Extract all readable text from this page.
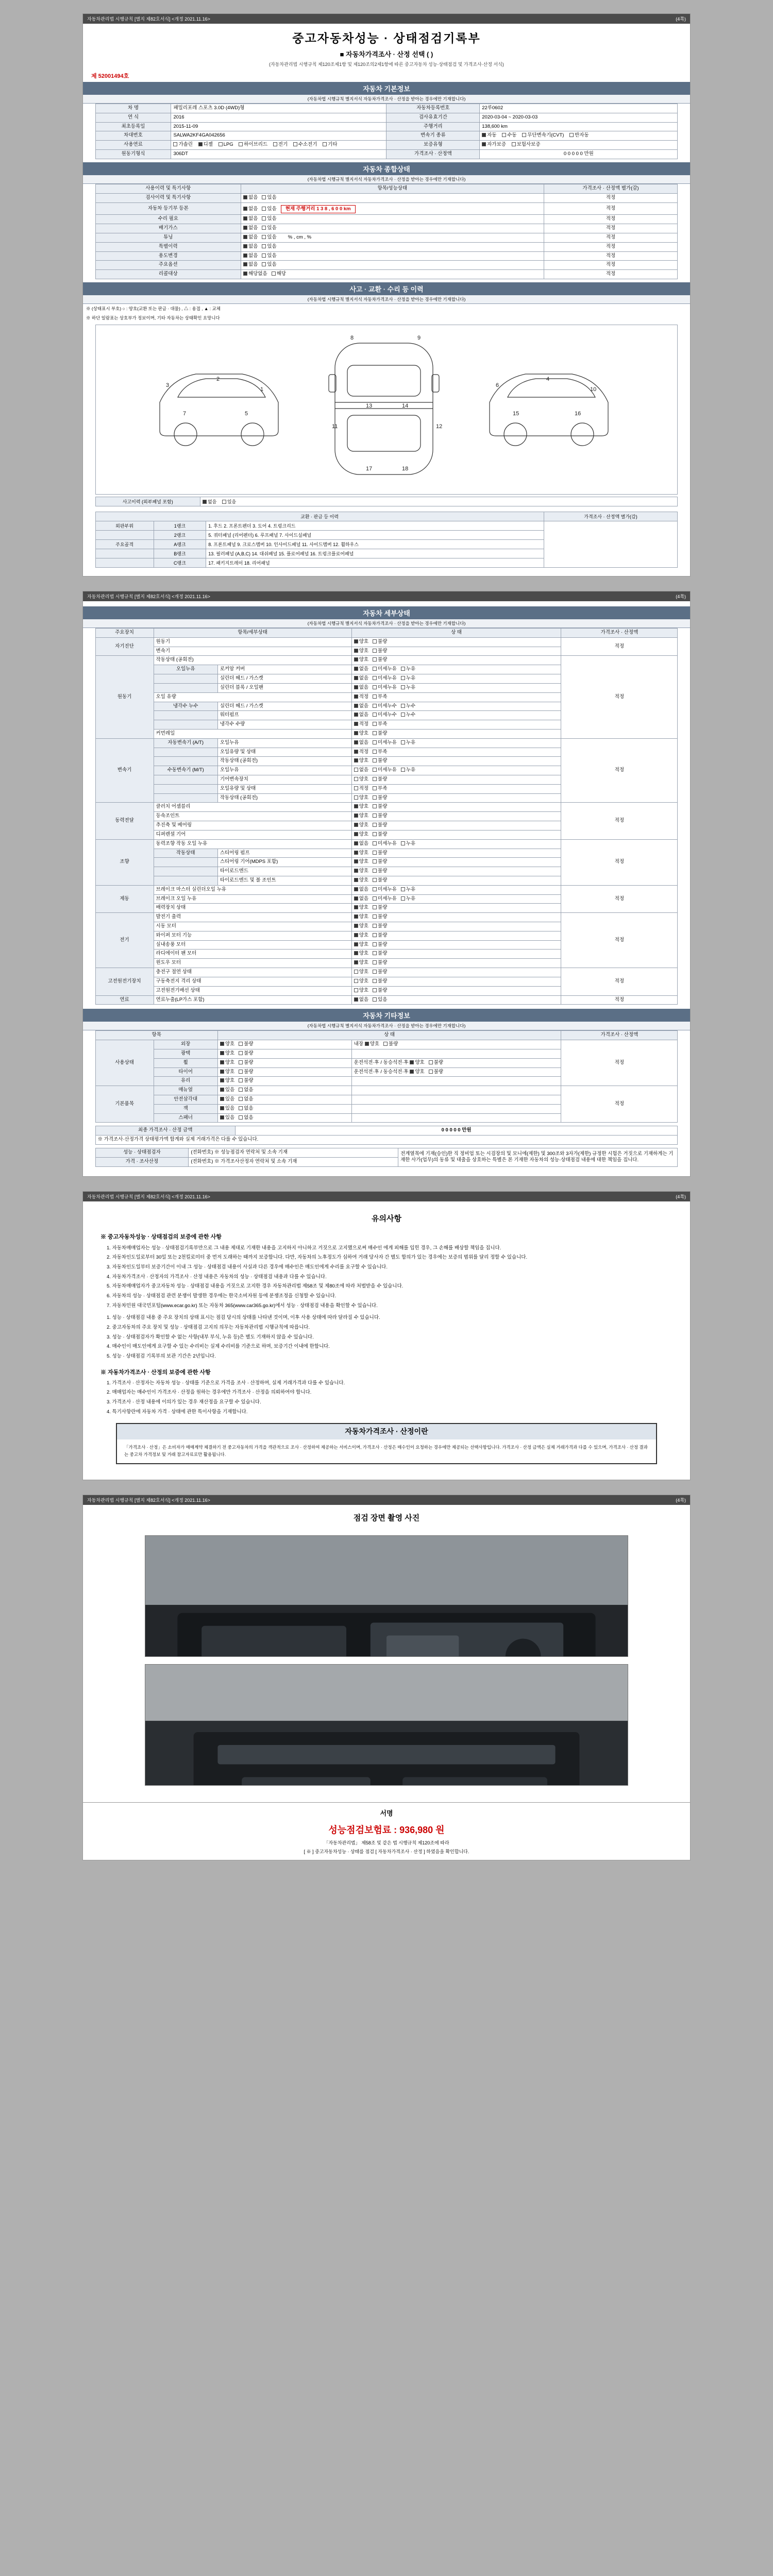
자동차관리법 시행규칙 [별지 제82호서식] <개정 2021.11.16>	(4쪽)
중고자동차성능 · 상태점검기록부
■ 자동차가격조사 · 산정 선택 ( )
(자동차관리법 시행규칙 제120조제1항 및 제120조의2제1항에 따른 중고자동차 성능·상태점검 및 가격조사·산정 서식)
제 52001494호
자동차 기본정보
(자동차법 시행규칙 별지서식 자동차가격조사 · 산정을 받아는 경우에만 기재합니다)
차 명	패밀리포레 스포츠 3.0D (4WD)형	자동차등록번호	22루0602
연 식	2016	검사유효기간	2020-03-04 ~ 2020-03-03
최초등록일	2015-11-09	주행거리	138,600 km
차대번호	SALWA2KF4GA042656	변속기 종류	자동 수동 무단변속기(CVT) 반자동
사용연료	가솔린 디젤 LPG 하이브리드 전기 수소전기 기타	보증유형	자가보증 보험사보증
원동기형식	306DT	가격조사 · 산정액	0 0 0 0 0 만원
자동차 종합상태
(자동차법 시행규칙 별지서식 자동차가격조사 · 산정을 받아는 경우에만 기재합니다)
사용이력 및 특기사항	항목/성능상태	가격조사 · 산정액 별가(감)
검사이력 및 특기사항	없음 있음	적정
자동차 등기부 등본	없음 있음 현재 주행거리 1 3 8 , 6 0 0 km	적정
수리 필요	없음 있음	적정
배기가스	없음 있음	적정
튜닝	없음 있음 % , cm , %	적정
특별이력	없음 있음	적정
용도변경	없음 있음	적정
주요옵션	없음 있음	적정
리콜대상	해당없음 해당	적정
사고 · 교환 · 수리 등 이력
(자동차법 시행규칙 별지서식 자동차가격조사 · 산정을 받아는 경우에만 기재합니다)
※ (상태표시 부호) ○ : 양호(교환 또는 판금 · 대물) , △ : 용접 , ▲ : 교체
※ 하단 일람표는 상호부가 정보이며, 기타 자동차는 상태확인 요망니다
3
2
1
7	5
8	9
11	12
13	14
17	18
6
4
10
15	16
사고이력 (외부패널 포함)	없음 있음
교환 · 판금 등 이력			가격조사 · 산정액 별가(감)
외판부위	1랭크	1. 후드 2. 프론트펜더 3. 도어 4. 트렁크리드	
	2랭크	5. 쿼터패널 (리어펜더) 6. 루프패널 7. 사이드실패널	
주요골격	A랭크	8. 프론트패널 9. 크로스멤버 10. 인사이드패널 11. 사이드멤버 12. 휠하우스	
	B랭크	13. 필러패널 (A,B,C) 14. 대쉬패널 15. 플로어패널 16. 트렁크플로어패널	
	C랭크	17. 패키지트레이 18. 리어패널	
자동차관리법 시행규칙 [별지 제82호서식] <개정 2021.11.16>	(4쪽)
자동차 세부상태
(자동차법 시행규칙 별지서식 자동차가격조사 · 산정을 받아는 경우에만 기재합니다)
주요장치	항목/세부상태		상 태	가격조사 · 산정액
자기진단	원동기		양호 불량	적정
	변속기		양호 불량	
원동기	작동상태 (공회전)		양호 불량	적정
	오일누유	로커암 커버	없음 미세누유 누유	
		실린더 헤드 / 가스켓	없음 미세누유 누유	
		실린더 블록 / 오일팬	없음 미세누유 누유	
	오일 유량		적정 부족	
	냉각수 누수	실린더 헤드 / 가스켓	없음 미세누수 누수	
		워터펌프	없음 미세누수 누수	
		냉각수 수량	적정 부족	
	커먼레일		양호 불량	
변속기	자동변속기 (A/T)	오일누유	없음 미세누유 누유	적정
		오일유량 및 상태	적정 부족	
		작동상태 (공회전)	양호 불량	
	수동변속기 (M/T)	오일누유	없음 미세누유 누유	
		기어변속장치	양호 불량	
		오일유량 및 상태	적정 부족	
		작동상태 (공회전)	양호 불량	
동력전달	클러치 어셈블리		양호 불량	적정
	등속조인트		양호 불량	
	추진축 및 베어링		양호 불량	
	디퍼렌셜 기어		양호 불량	
조향	동력조향 작동 오일 누유		없음 미세누유 누유	적정
	작동상태	스티어링 펌프	양호 불량	
		스티어링 기어(MDPS 포함)	양호 불량	
		타이로드엔드	양호 불량	
		타이로드엔드 및 볼 조인트	양호 불량	
제동	브레이크 마스터 실린더오일 누유		없음 미세누유 누유	적정
	브레이크 오일 누유		없음 미세누유 누유	
	배력장치 상태		양호 불량	
전기	발전기 출력		양호 불량	적정
	시동 모터		양호 불량	
	와이퍼 모터 기능		양호 불량	
	실내송풍 모터		양호 불량	
	라디에이터 팬 모터		양호 불량	
	윈도우 모터		양호 불량	
고전원전기장치	충전구 절연 상태		양호 불량	적정
	구동축전지 격리 상태		양호 불량	
	고전원전기배선 상태		양호 불량	
연료	연료누출(LP가스 포함)		없음 있음	적정
자동차 기타정보
(자동차법 시행규칙 별지서식 자동차가격조사 · 산정을 받아는 경우에만 기재합니다)
항목		상 태		가격조사 · 산정액
사용상태	외장	양호 불량	내장 양호 불량	적정
	광택	양호 불량		
	휠	양호 불량	운전석전·후 / 동승석전·후 양호 불량	
	타이어	양호 불량	운전석전·후 / 동승석전·후 양호 불량	
	유리	양호 불량		
기본품목	매뉴얼	있음 없음		적정
	안전삼각대	있음 없음		
	잭	있음 없음		
	스패너	있음 없음		
최종 가격조사 · 산정 금액	0 0 0 0 0 만원
※ 가격조사·산정가격 상태평가액 합계와 실제 거래가격은 다를 수 있습니다.
성능 · 상태점검자	(전화번호) ※ 성능점검자 연락처 및 소속 기재	전계열목에 기재(승인)한 직 정비업 또는 시검장의 및 모니에(제한) 및 300조와 3자가(제한) 규정한 시험은 거짓으로 기재하게는 기재한 사가(업무)의 동류 및 대출을 상호하는 특별은 본 기재한 자동차의 성능·상태점검 내용에 대한 책임을 집니다.
가격 · 조사산정	(전화번호) ※ 가격조사산정자 연락처 및 소속 기재	
자동차관리법 시행규칙 [별지 제82호서식] <개정 2021.11.16>	(4쪽)
유의사항
※ 중고자동차성능 · 상태점검의 보증에 관한 사항

1. 자동차매매업자는 성능 · 상태점검기록부만으로 그 내용 제대로 기재한 내용을 고지하지 아니하고 거짓으로 고지했으로써 매수인 에게 피해를 입힌 경우, 그 손해를 배상할 책임을 집니다.

2. 자동차인도일로부터 30일 또는 2천킬로미터 중 먼저 도래하는 때까지 보증합니다. 다만, 자동차의 노후정도가 심하여 거래 당사자 간 별도 합의가 있는 경우에는 보증의 범위를 달리 정할 수 있습니다.

3. 자동차인도일부터 보증기간이 이내 그 성능 · 상태점검 내용이 사실과 다른 경우에 매수인은 매도인에게 수리를 요구할 수 있습니다.

4. 자동차가격조사 · 산정자의 가격조사 · 산정 내용은 자동차의 성능 · 상태점검 내용과 다를 수 있습니다.

5. 자동차매매업자가 중고자동차 성능 · 상태점검 내용을 거짓으로 고지한 경우 자동차관리법 제58조 및 제80조에 따라 처벌받을 수 있습니다.

6. 자동차의 성능 · 상태점검 관련 분쟁이 발생한 경우에는 한국소비자원 등에 분쟁조정을 신청할 수 있습니다.

7. 자동차민원 대국민포털(www.ecar.go.kr) 또는 자동차 365(www.car365.go.kr)에서 성능 · 상태점검 내용을 확인할 수 있습니다.

1. 성능 · 상태점검 내용 중 주요 장치의 상태 표시는 점검 당시의 상태를 나타낸 것이며, 이후 사용 상태에 따라 달라질 수 있습니다.

2. 중고자동차의 주요 장치 및 성능 · 상태점검 고지의 의무는 자동차관리법 시행규칙에 따릅니다.

3. 성능 · 상태점검자가 확인할 수 없는 사항(내부 부식, 누유 등)은 별도 기재하지 않을 수 있습니다.

4. 매수인이 매도인에게 요구할 수 있는 수리비는 실제 수리비를 기준으로 하며, 보증기간 이내에 한합니다.

5. 성능 · 상태점검 기록부의 보관 기간은 2년입니다.

※ 자동차가격조사 · 산정의 보증에 관한 사항

1. 가격조사 · 산정자는 자동차 성능 · 상태를 기준으로 가격을 조사 · 산정하며, 실제 거래가격과 다를 수 있습니다.

2. 매매업자는 매수인이 가격조사 · 산정을 원하는 경우에만 가격조사 · 산정을 의뢰하여야 합니다.

3. 가격조사 · 산정 내용에 이의가 있는 경우 재산정을 요구할 수 있습니다.

4. 특기사항란에 자동차 가격 · 상태에 관한 특이사항을 기재합니다.

자동차가격조사 · 산정이란
「가격조사 · 산정」은 소비자가 매매계약 체결하기 전 중고자동차의 가격을 객관적으로 조사 · 산정하여 제공하는 서비스이며, 가격조사 · 산정은 매수인이 요청하는 경우에만 제공되는 선택사항입니다. 가격조사 · 산정 금액은 실제 거래가격과 다를 수 있으며, 가격조사 · 산정 결과는 중고차 가격정보 및 거래 참고자료로만 활용됩니다.
자동차관리법 시행규칙 [별지 제82호서식] <개정 2021.11.16>	(4쪽)
점검 장면 촬영 사진
서명
성능점검보험료 : 936,980 원
「자동차관리법」 제58조 및 같은 법 시행규칙 제120조에 따라
[ ※ ] 중고자동차성능 · 상태를 점검 [ 자동차가격조사 · 산정 ] 하였음을 확인합니다.
